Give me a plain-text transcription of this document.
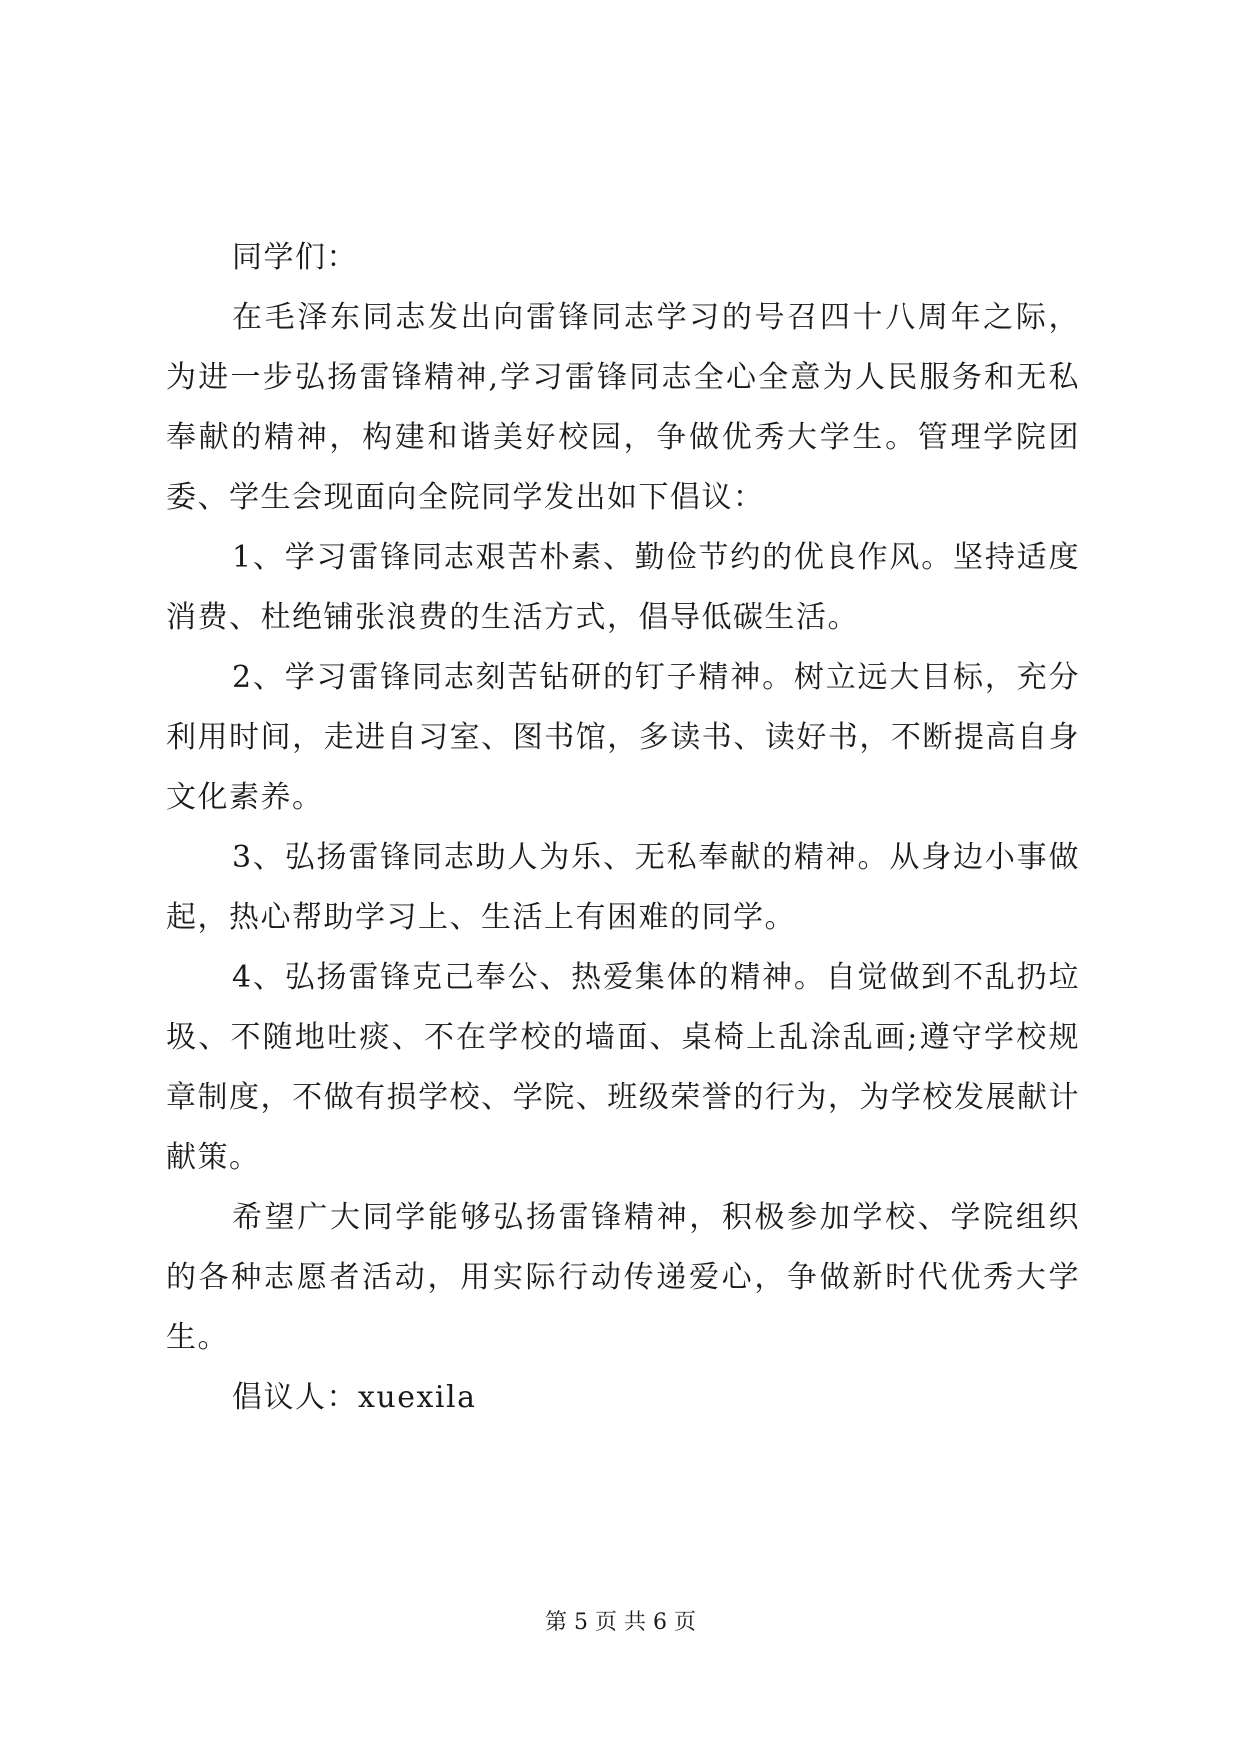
同学们：

在毛泽东同志发出向雷锋同志学习的号召四十八周年之际，为进一步弘扬雷锋精神,学习雷锋同志全心全意为人民服务和无私奉献的精神，构建和谐美好校园，争做优秀大学生。管理学院团委、学生会现面向全院同学发出如下倡议：

1、学习雷锋同志艰苦朴素、勤俭节约的优良作风。坚持适度消费、杜绝铺张浪费的生活方式，倡导低碳生活。

2、学习雷锋同志刻苦钻研的钉子精神。树立远大目标，充分利用时间，走进自习室、图书馆，多读书、读好书，不断提高自身文化素养。

3、弘扬雷锋同志助人为乐、无私奉献的精神。从身边小事做起，热心帮助学习上、生活上有困难的同学。

4、弘扬雷锋克己奉公、热爱集体的精神。自觉做到不乱扔垃圾、不随地吐痰、不在学校的墙面、桌椅上乱涂乱画;遵守学校规章制度，不做有损学校、学院、班级荣誉的行为，为学校发展献计献策。

希望广大同学能够弘扬雷锋精神，积极参加学校、学院组织的各种志愿者活动，用实际行动传递爱心，争做新时代优秀大学生。

倡议人：xuexila

第 5 页 共 6 页
